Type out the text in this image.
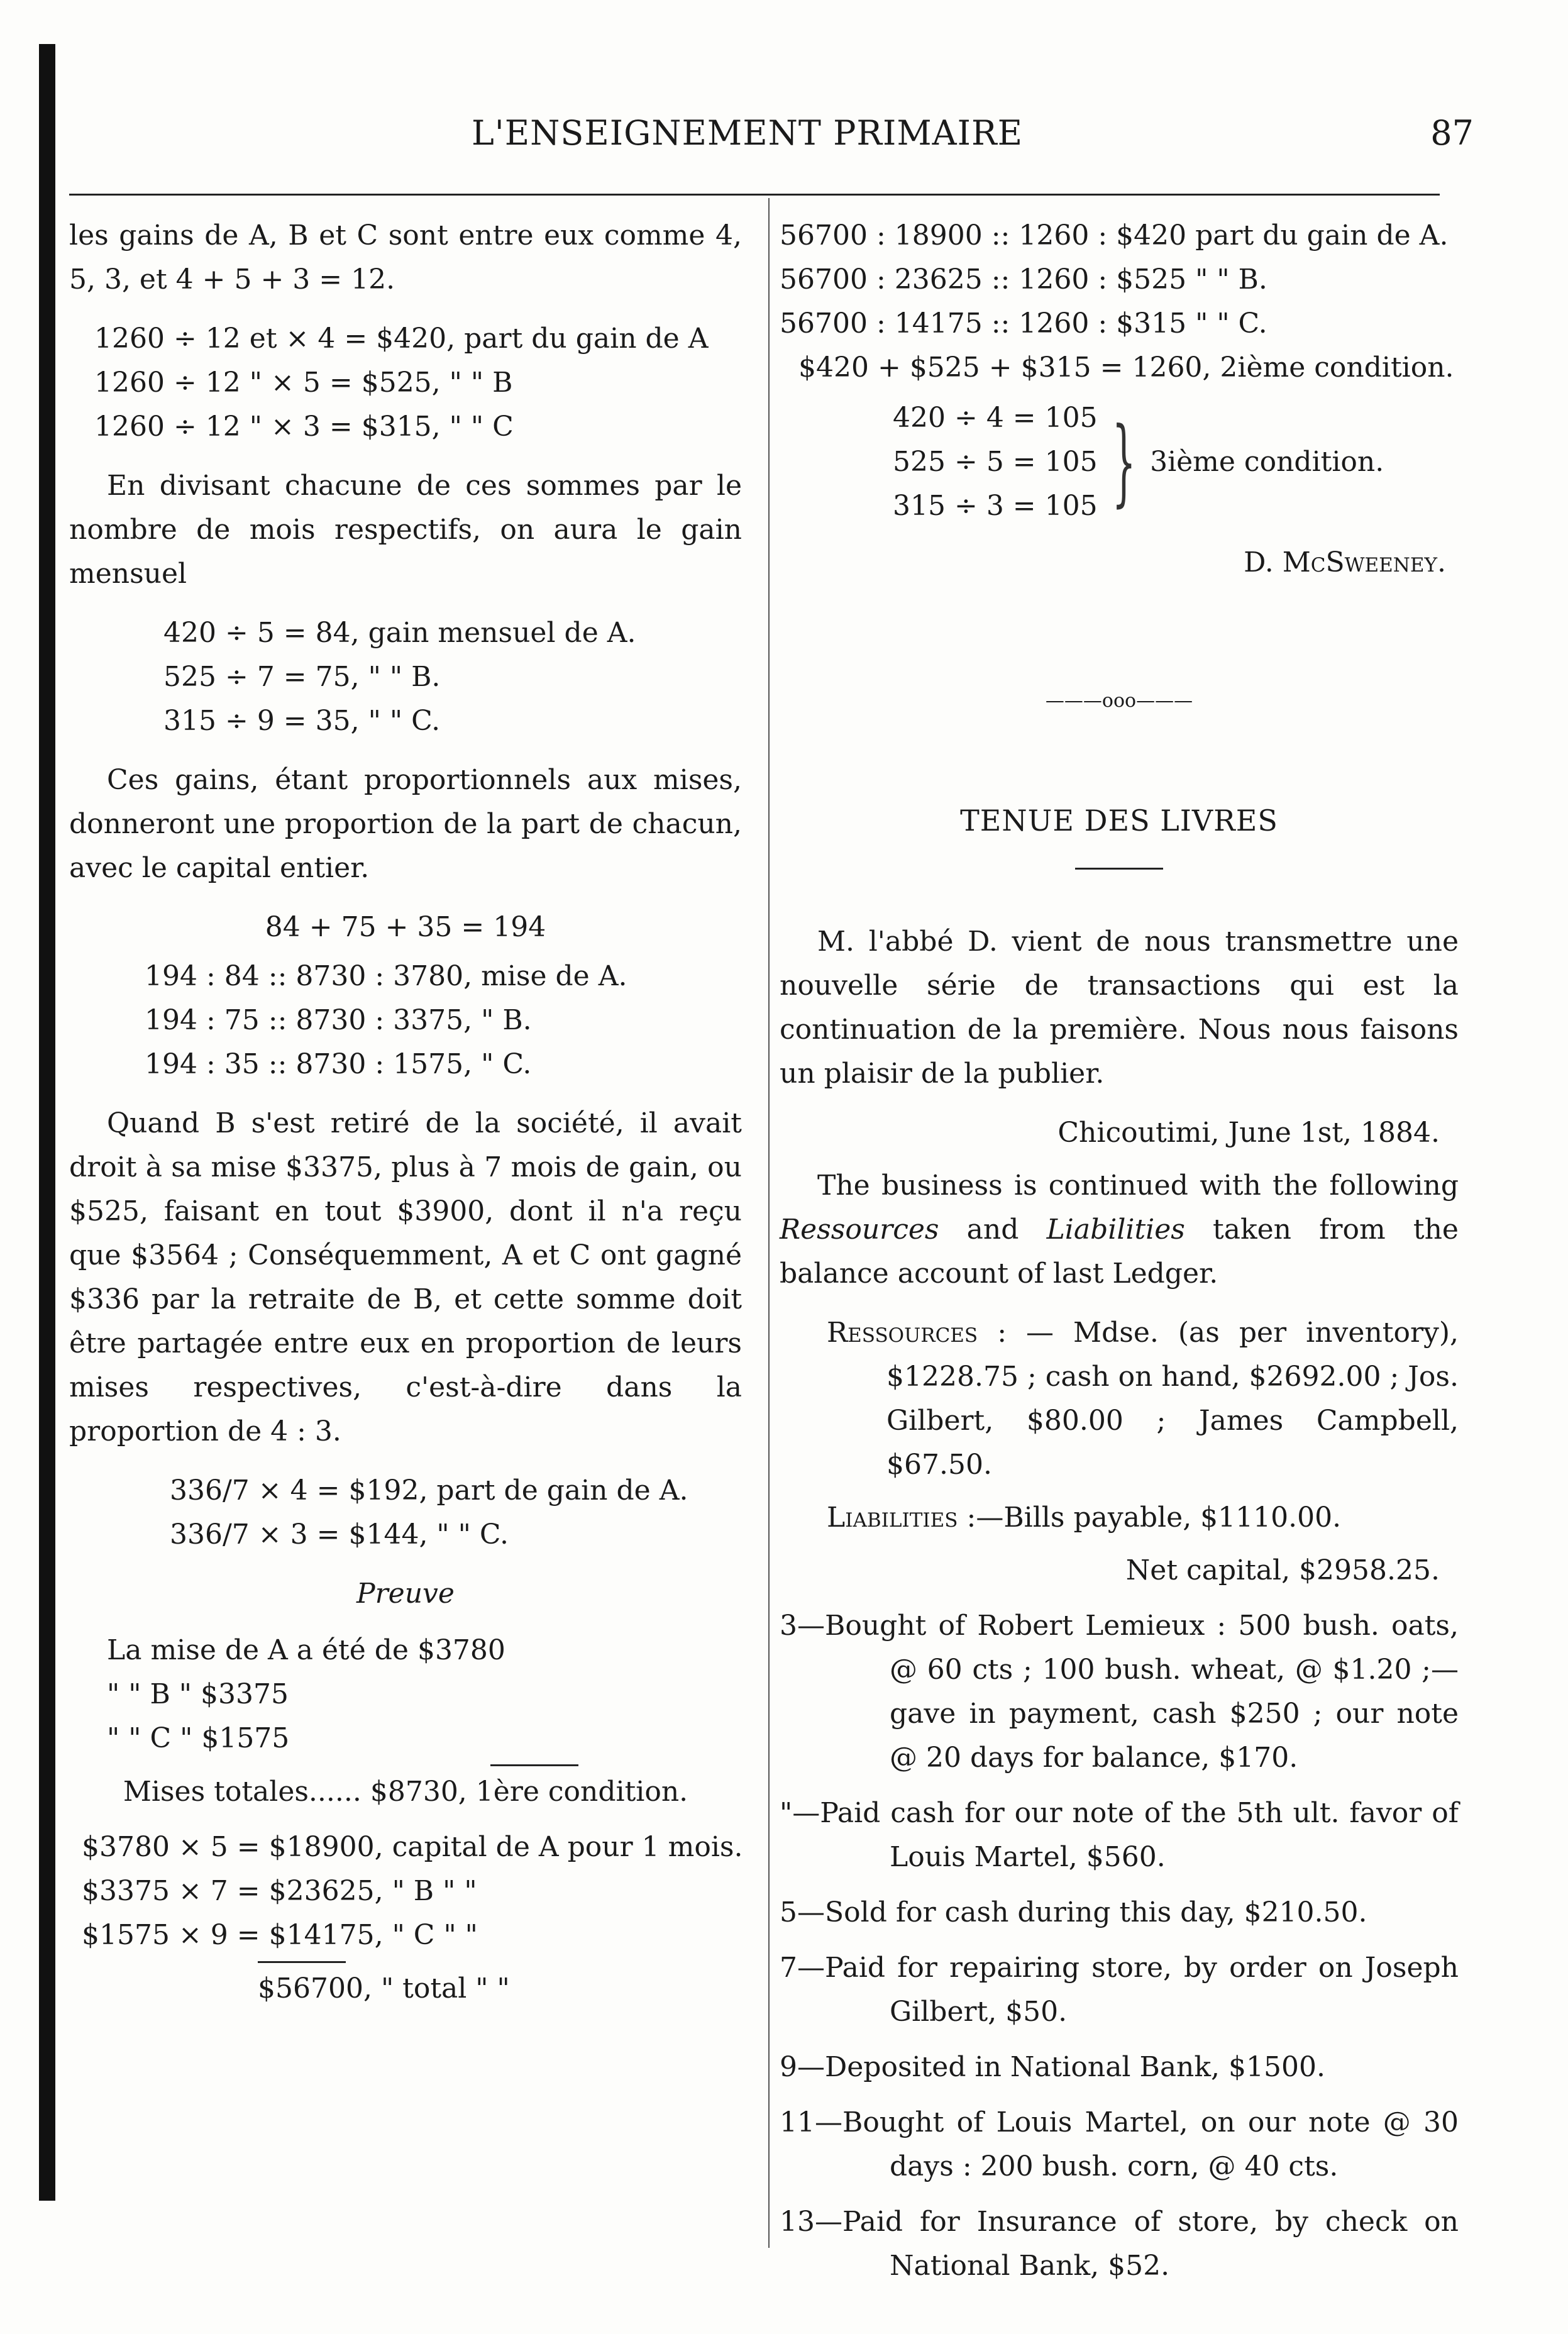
L'ENSEIGNEMENT PRIMAIRE	87

les gains de A, B et C sont entre eux comme 4, 5, 3, et 4 + 5 + 3 = 12.

1260 ÷ 12 et × 4 = $420, part du gain de A

1260 ÷ 12 " × 5 = $525, " " B

1260 ÷ 12 " × 3 = $315, " " C

En divisant chacune de ces sommes par le nombre de mois respectifs, on aura le gain mensuel

420 ÷ 5 = 84, gain mensuel de A.

525 ÷ 7 = 75, " " B.

315 ÷ 9 = 35, " " C.

Ces gains, étant proportionnels aux mises, donneront une proportion de la part de chacun, avec le capital entier.

84 + 75 + 35 = 194

194 : 84 :: 8730 : 3780, mise de A.

194 : 75 :: 8730 : 3375, " B.

194 : 35 :: 8730 : 1575, " C.

Quand B s'est retiré de la société, il avait droit à sa mise $3375, plus à 7 mois de gain, ou $525, faisant en tout $3900, dont il n'a reçu que $3564 ; Conséquemment, A et C ont gagné $336 par la retraite de B, et cette somme doit être partagée entre eux en proportion de leurs mises respectives, c'est-à-dire dans la proportion de 4 : 3.

336/7 × 4 = $192, part de gain de A.

336/7 × 3 = $144, " " C.

Preuve

La mise de A a été de $3780

" " B " $3375

" " C " $1575

Mises totales...... $8730, 1ère condition.

$3780 × 5 = $18900, capital de A pour 1 mois.

$3375 × 7 = $23625, " B " "

$1575 × 9 = $14175, " C " "

$56700, " total " "

56700 : 18900 :: 1260 : $420 part du gain de A.

56700 : 23625 :: 1260 : $525 " " B.

56700 : 14175 :: 1260 : $315 " " C.

$420 + $525 + $315 = 1260, 2ième condition.

420 ÷ 4 = 105

525 ÷ 5 = 105

315 ÷ 3 = 105 } 3ième condition.

D. McSweeney.

———ooo———

TENUE DES LIVRES

M. l'abbé D. vient de nous transmettre une nouvelle série de transactions qui est la continuation de la première. Nous nous faisons un plaisir de la publier.

Chicoutimi, June 1st, 1884.

The business is continued with the following Ressources and Liabilities taken from the balance account of last Ledger.

Ressources : — Mdse. (as per inventory), $1228.75 ; cash on hand, $2692.00 ; Jos. Gilbert, $80.00 ; James Campbell, $67.50.

Liabilities :—Bills payable, $1110.00.

Net capital, $2958.25.

3—Bought of Robert Lemieux : 500 bush. oats, @ 60 cts ; 100 bush. wheat, @ $1.20 ;—gave in payment, cash $250 ; our note @ 20 days for balance, $170.

"—Paid cash for our note of the 5th ult. favor of Louis Martel, $560.

5—Sold for cash during this day, $210.50.

7—Paid for repairing store, by order on Joseph Gilbert, $50.

9—Deposited in National Bank, $1500.

11—Bought of Louis Martel, on our note @ 30 days : 200 bush. corn, @ 40 cts.

13—Paid for Insurance of store, by check on National Bank, $52.
